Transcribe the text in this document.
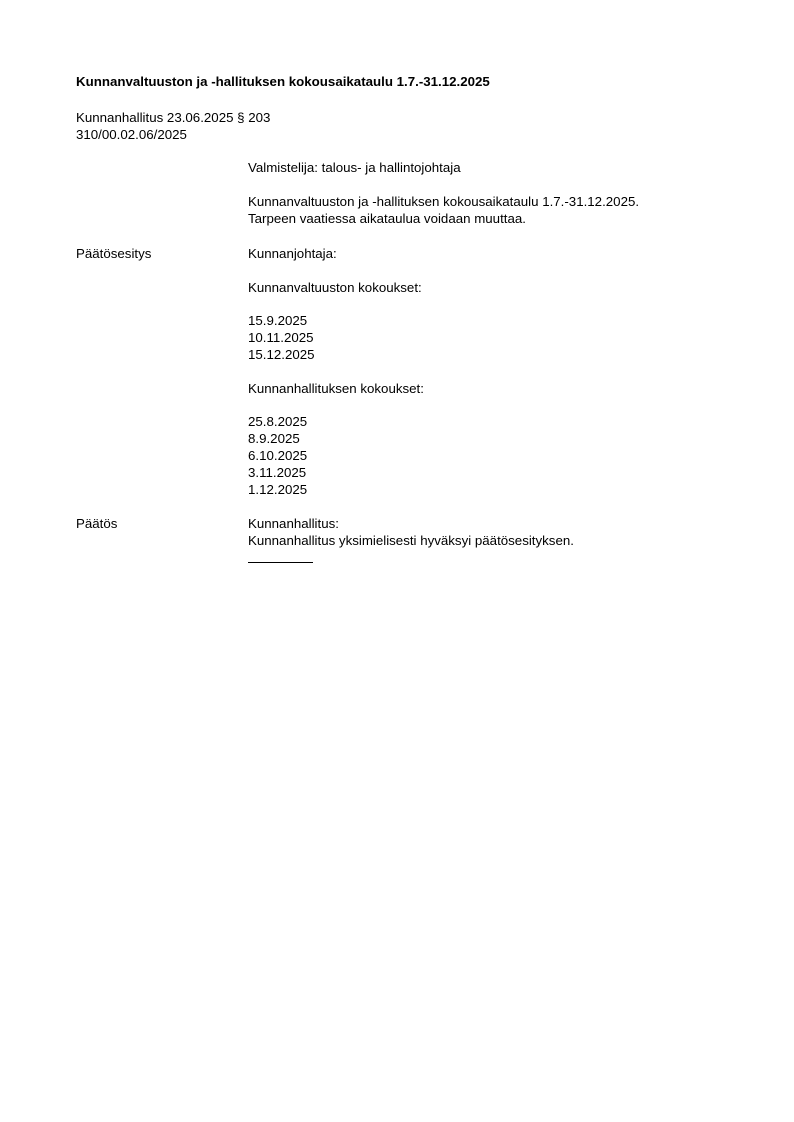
Kunnanvaltuuston ja -hallituksen kokousaikataulu 1.7.-31.12.2025
Kunnanhallitus 23.06.2025 § 203
310/00.02.06/2025
Valmistelija: talous- ja hallintojohtaja
Kunnanvaltuuston ja -hallituksen kokousaikataulu 1.7.-31.12.2025.
Tarpeen vaatiessa aikataulua voidaan muuttaa.
Päätösesitys	Kunnanjohtaja:
Kunnanvaltuuston kokoukset:
15.9.2025
10.11.2025
15.12.2025
Kunnanhallituksen kokoukset:
25.8.2025
8.9.2025
6.10.2025
3.11.2025
1.12.2025
Päätös	Kunnanhallitus:
Kunnanhallitus yksimielisesti hyväksyi päätösesityksen.
